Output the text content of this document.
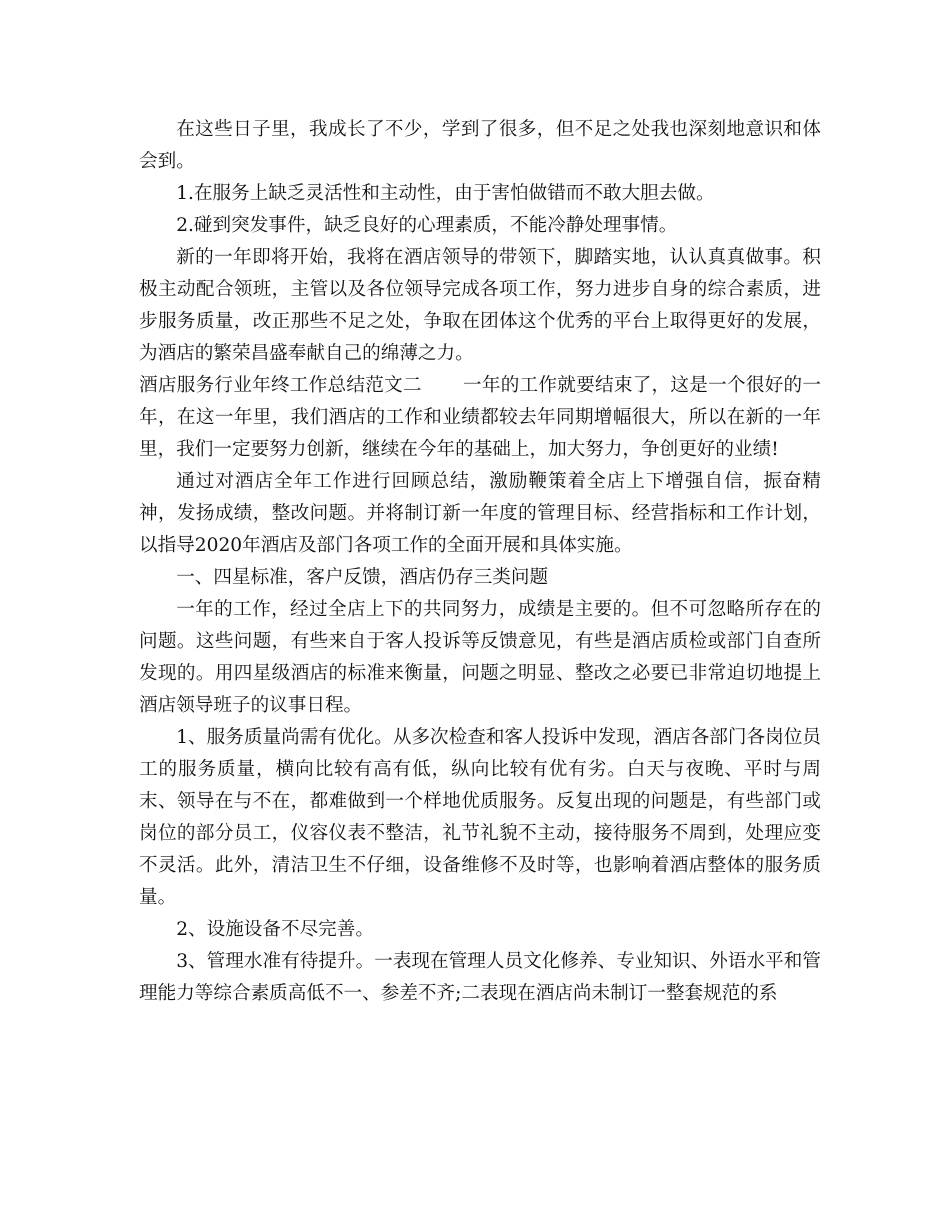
在这些日子里，我成长了不少，学到了很多，但不足之处我也深刻地意识和体会到。

1.在服务上缺乏灵活性和主动性，由于害怕做错而不敢大胆去做。

2.碰到突发事件，缺乏良好的心理素质，不能冷静处理事情。

新的一年即将开始，我将在酒店领导的带领下，脚踏实地，认认真真做事。积极主动配合领班，主管以及各位领导完成各项工作，努力进步自身的综合素质，进步服务质量，改正那些不足之处，争取在团体这个优秀的平台上取得更好的发展，为酒店的繁荣昌盛奉献自己的绵薄之力。

酒店服务行业年终工作总结范文二 一年的工作就要结束了，这是一个很好的一年，在这一年里，我们酒店的工作和业绩都较去年同期增幅很大，所以在新的一年里，我们一定要努力创新，继续在今年的基础上，加大努力，争创更好的业绩!

通过对酒店全年工作进行回顾总结，激励鞭策着全店上下增强自信，振奋精神，发扬成绩，整改问题。并将制订新一年度的管理目标、经营指标和工作计划，以指导2020年酒店及部门各项工作的全面开展和具体实施。

一、四星标准，客户反馈，酒店仍存三类问题

一年的工作，经过全店上下的共同努力，成绩是主要的。但不可忽略所存在的问题。这些问题，有些来自于客人投诉等反馈意见，有些是酒店质检或部门自查所发现的。用四星级酒店的标准来衡量，问题之明显、整改之必要已非常迫切地提上酒店领导班子的议事日程。

1、服务质量尚需有优化。从多次检查和客人投诉中发现，酒店各部门各岗位员工的服务质量，横向比较有高有低，纵向比较有优有劣。白天与夜晚、平时与周末、领导在与不在，都难做到一个样地优质服务。反复出现的问题是，有些部门或岗位的部分员工，仪容仪表不整洁，礼节礼貌不主动，接待服务不周到，处理应变不灵活。此外，清洁卫生不仔细，设备维修不及时等，也影响着酒店整体的服务质量。

2、设施设备不尽完善。

3、管理水准有待提升。一表现在管理人员文化修养、专业知识、外语水平和管理能力等综合素质高低不一、参差不齐;二表现在酒店尚未制订一整套规范的系
